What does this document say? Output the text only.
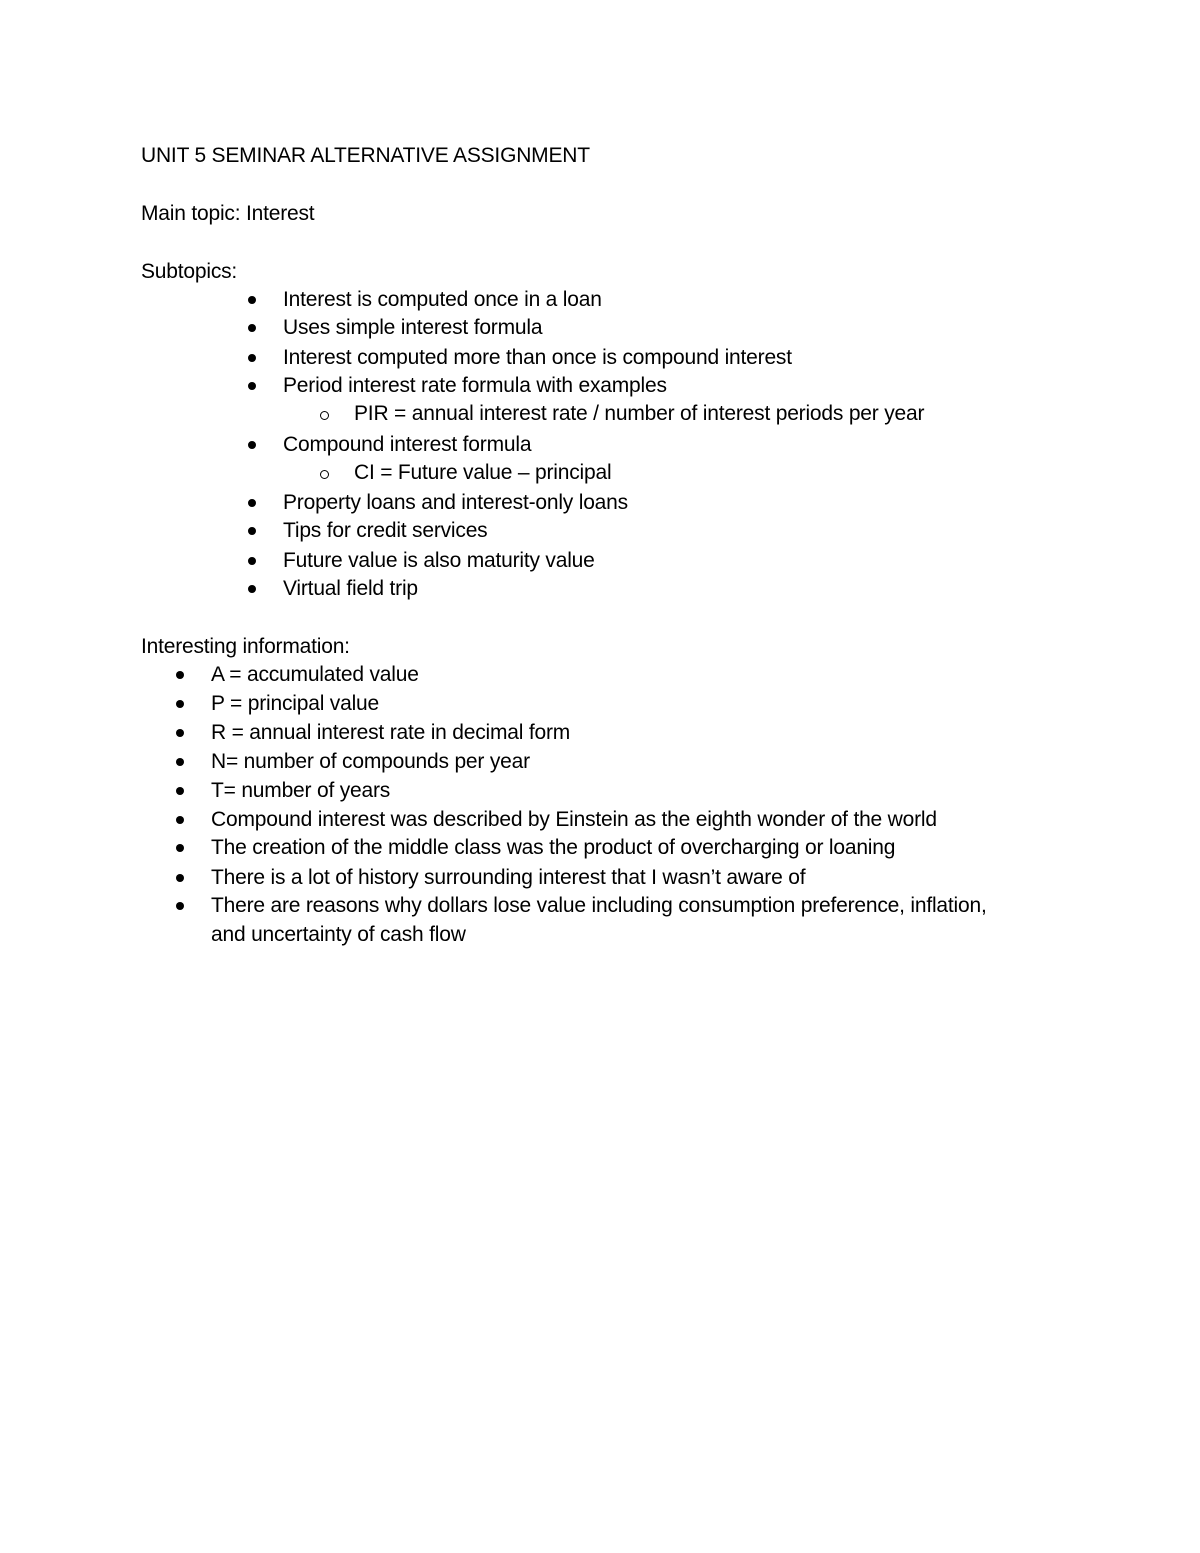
UNIT 5 SEMINAR ALTERNATIVE ASSIGNMENT
Main topic: Interest
Subtopics:
Interest is computed once in a loan
Uses simple interest formula
Interest computed more than once is compound interest
Period interest rate formula with examples
PIR = annual interest rate / number of interest periods per year
Compound interest formula
CI = Future value – principal
Property loans and interest-only loans
Tips for credit services
Future value is also maturity value
Virtual field trip
Interesting information:
A = accumulated value
P = principal value
R = annual interest rate in decimal form
N= number of compounds per year
T= number of years
Compound interest was described by Einstein as the eighth wonder of the world
The creation of the middle class was the product of overcharging or loaning
There is a lot of history surrounding interest that I wasn’t aware of
There are reasons why dollars lose value including consumption preference, inflation,
and uncertainty of cash flow
